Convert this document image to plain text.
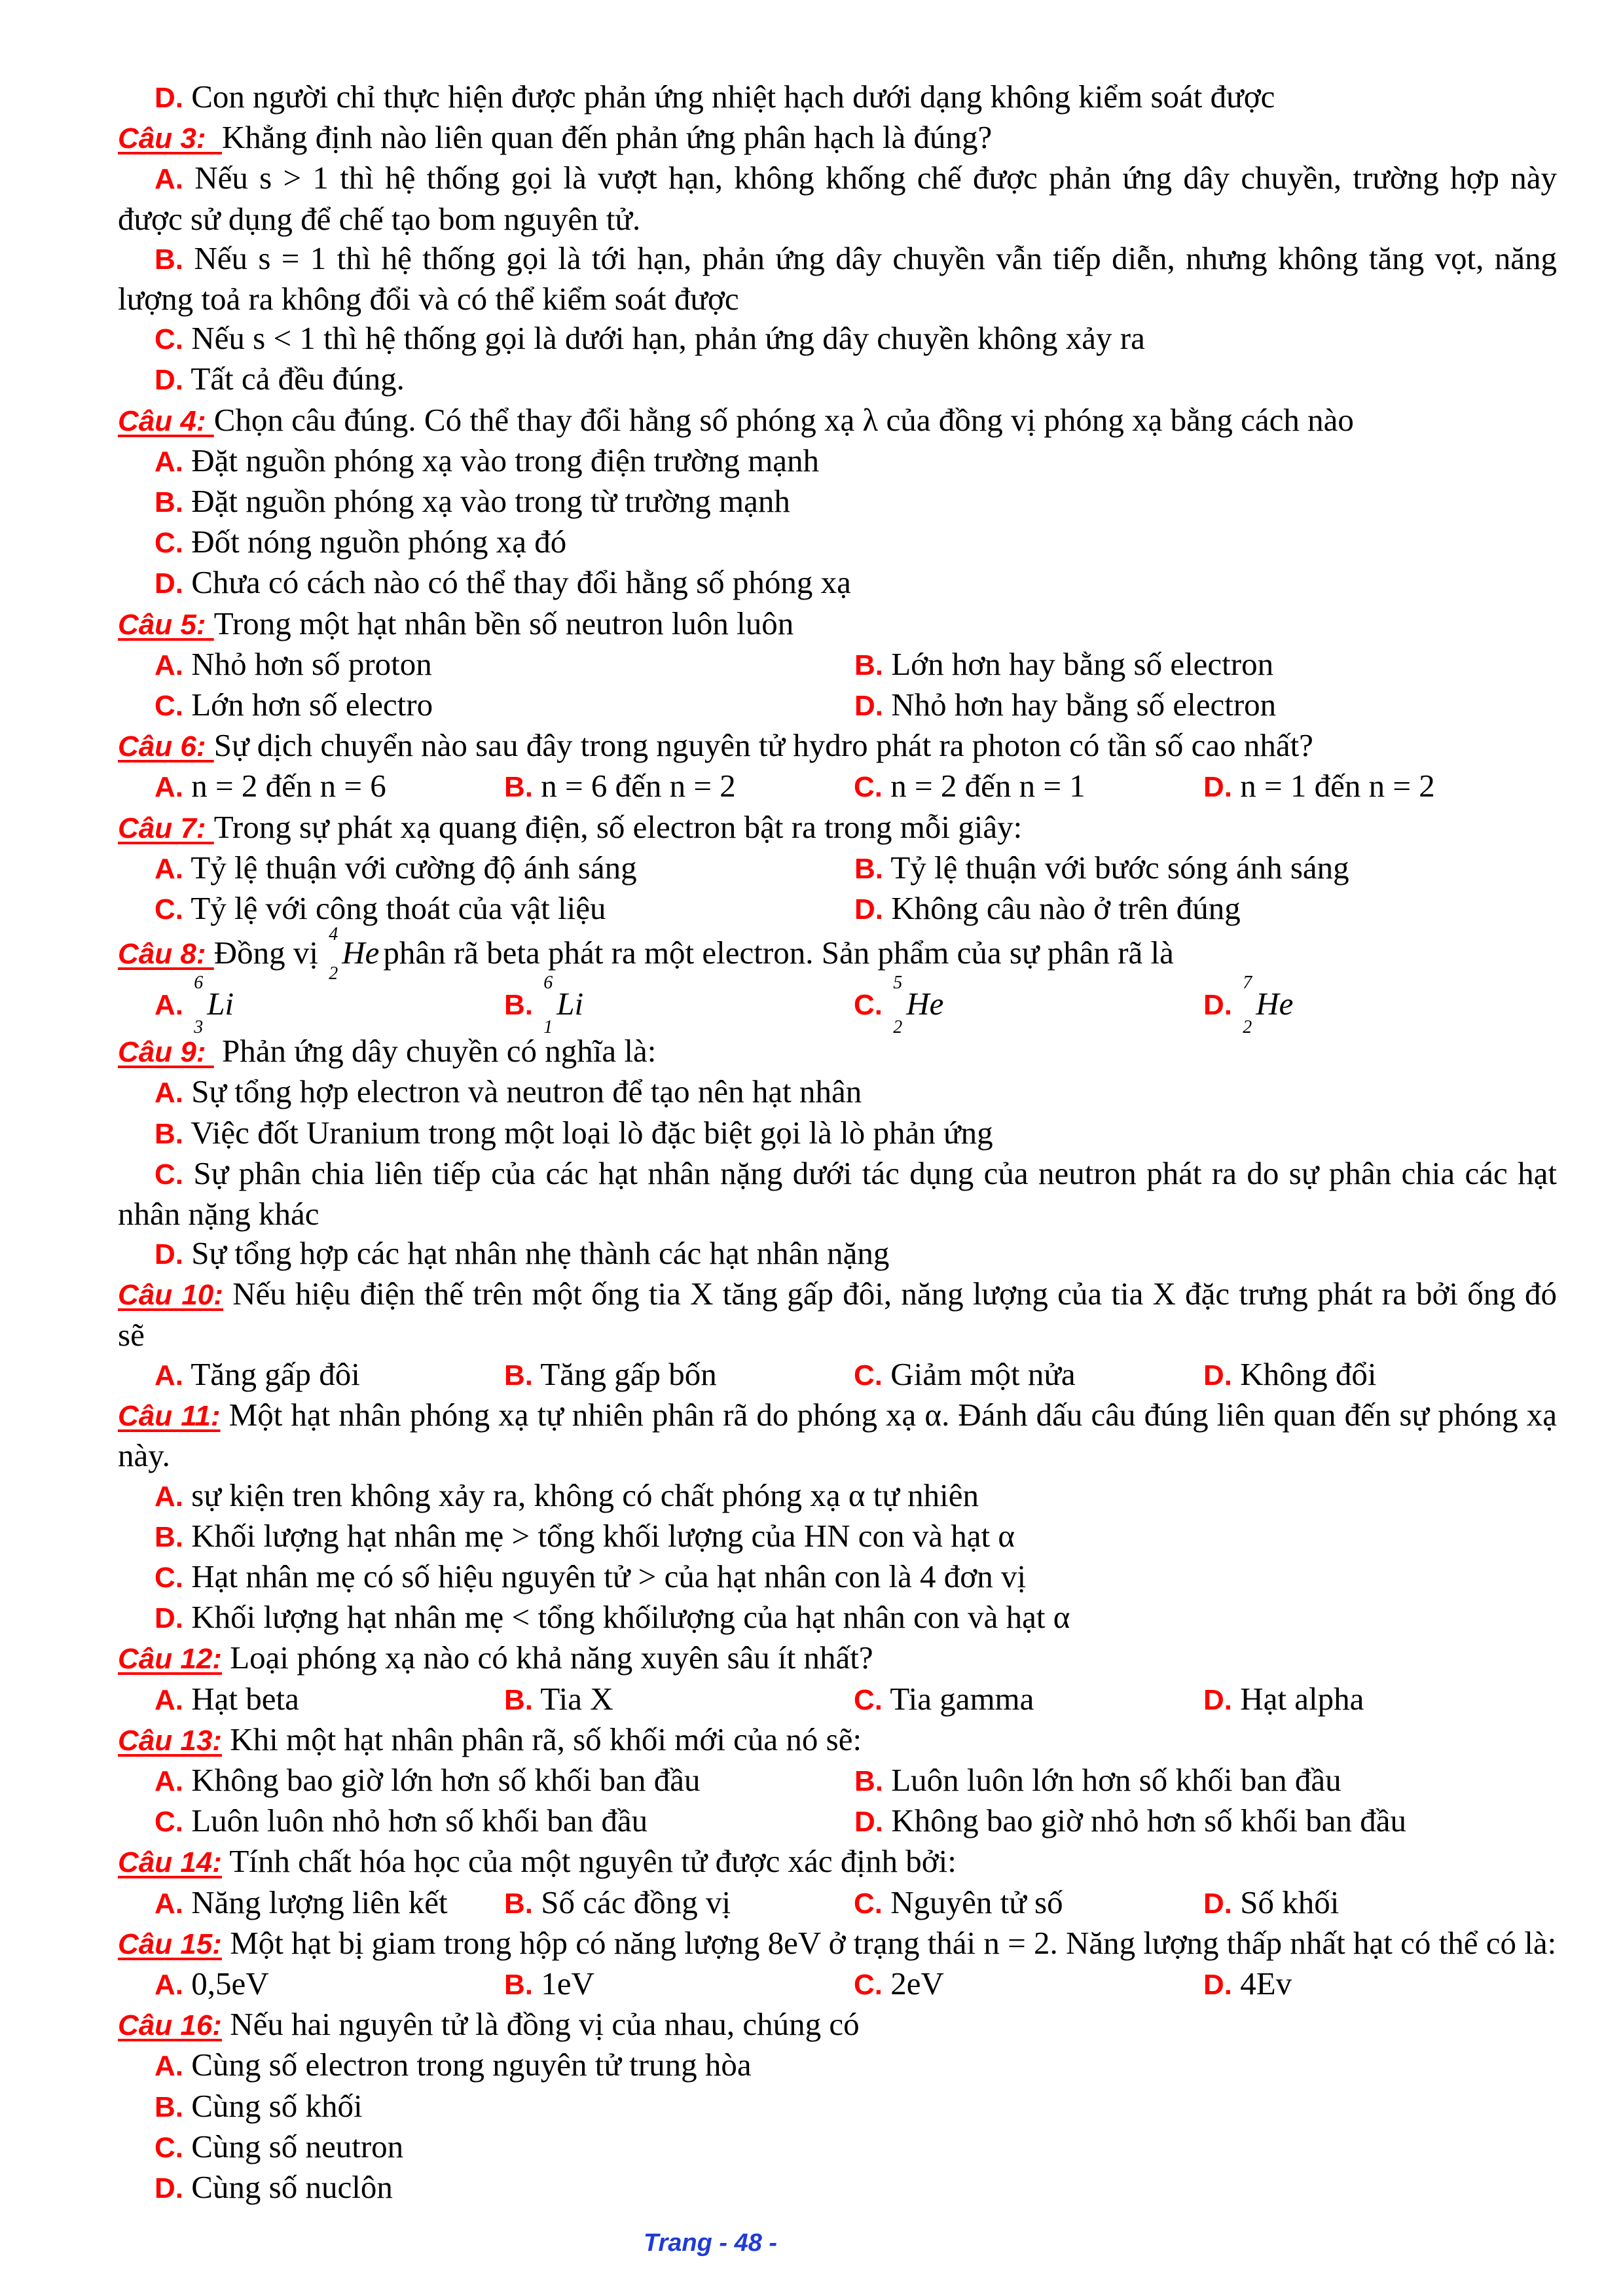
D. Con người chỉ thực hiện được phản ứng nhiệt hạch dưới dạng không kiểm soát được
Câu 3:  Khẳng định nào liên quan đến phản ứng phân hạch là đúng?
A. Nếu s > 1 thì hệ thống gọi là vượt hạn, không khống chế được phản ứng dây chuyền, trường hợp này được sử dụng để chế tạo bom nguyên tử.
B. Nếu s = 1 thì hệ thống gọi là tới hạn, phản ứng dây chuyền vẫn tiếp diễn, nhưng không tăng vọt, năng lượng toả ra không đổi và có thể kiểm soát được
C. Nếu s < 1 thì hệ thống gọi là dưới hạn, phản ứng dây chuyền không xảy ra
D. Tất cả đều đúng.
Câu 4: Chọn câu đúng. Có thể thay đổi hằng số phóng xạ λ của đồng vị phóng xạ bằng cách nào
A. Đặt nguồn phóng xạ vào trong điện trường mạnh
B. Đặt nguồn phóng xạ vào trong từ trường mạnh
C. Đốt nóng nguồn phóng xạ đó
D. Chưa có cách nào có thể thay đổi hằng số phóng xạ
Câu 5: Trong một hạt nhân bền số neutron luôn luôn
A. Nhỏ hơn số proton	B. Lớn hơn hay bằng số electron
C. Lớn hơn số electro	D. Nhỏ hơn hay bằng số electron
Câu 6: Sự dịch chuyển nào sau đây trong nguyên tử hydro phát ra photon có tần số cao nhất?
A. n = 2 đến n = 6	B. n = 6 đến n = 2	C. n = 2 đến n = 1	D. n = 1 đến n = 2
Câu 7: Trong sự phát xạ quang điện, số electron bật ra trong mỗi giây:
A. Tỷ lệ thuận với cường độ ánh sáng	B. Tỷ lệ thuận với bước sóng ánh sáng
C. Tỷ lệ với công thoát của vật liệu	D. Không câu nào ở trên đúng
Câu 8: Đồng vị
4
2
He phân rã beta phát ra một electron. Sản phẩm của sự phân rã là
A.
6
3
Li	B.
6
1
Li	C.
5
2
He	D.
7
2
He
Câu 9:  Phản ứng dây chuyền có nghĩa là:
A. Sự tổng hợp electron và neutron để tạo nên hạt nhân
B. Việc đốt Uranium trong một loại lò đặc biệt gọi là lò phản ứng
C. Sự phân chia liên tiếp của các hạt nhân nặng dưới tác dụng của neutron phát ra do sự phân chia các hạt nhân nặng khác
D. Sự tổng hợp các hạt nhân nhẹ thành các hạt nhân nặng
Câu 10: Nếu hiệu điện thế trên một ống tia X tăng gấp đôi, năng lượng của tia X đặc trưng phát ra bởi ống đó sẽ
A. Tăng gấp đôi	B. Tăng gấp bốn	C. Giảm một nửa	D. Không đổi
Câu 11: Một hạt nhân phóng xạ tự nhiên phân rã do phóng xạ α. Đánh dấu câu đúng liên quan đến sự phóng xạ này.
A. sự kiện tren không xảy ra, không có chất phóng xạ α tự nhiên
B. Khối lượng hạt nhân mẹ > tổng khối lượng của HN con và hạt α
C. Hạt nhân mẹ có số hiệu nguyên tử > của hạt nhân con là 4 đơn vị
D. Khối lượng hạt nhân mẹ < tổng khốilượng của hạt nhân con và hạt α
Câu 12: Loại phóng xạ nào có khả năng xuyên sâu ít nhất?
A. Hạt beta	B. Tia X	C. Tia gamma	D. Hạt alpha
Câu 13: Khi một hạt nhân phân rã, số khối mới của nó sẽ:
A. Không bao giờ lớn hơn số khối ban đầu	B. Luôn luôn lớn hơn số khối ban đầu
C. Luôn luôn nhỏ hơn số khối ban đầu	D. Không bao giờ nhỏ hơn số khối ban đầu
Câu 14: Tính chất hóa học của một nguyên tử được xác định bởi:
A. Năng lượng liên kết	B. Số các đồng vị	C. Nguyên tử số	D. Số khối
Câu 15: Một hạt bị giam trong hộp có năng lượng 8eV ở trạng thái n = 2. Năng lượng thấp nhất hạt có thể có là:
A. 0,5eV	B. 1eV	C. 2eV	D. 4Ev
Câu 16: Nếu hai nguyên tử là đồng vị của nhau, chúng có
A. Cùng số electron trong nguyên tử trung hòa
B. Cùng số khối
C. Cùng số neutron
D. Cùng số nuclôn
Trang - 48 -
